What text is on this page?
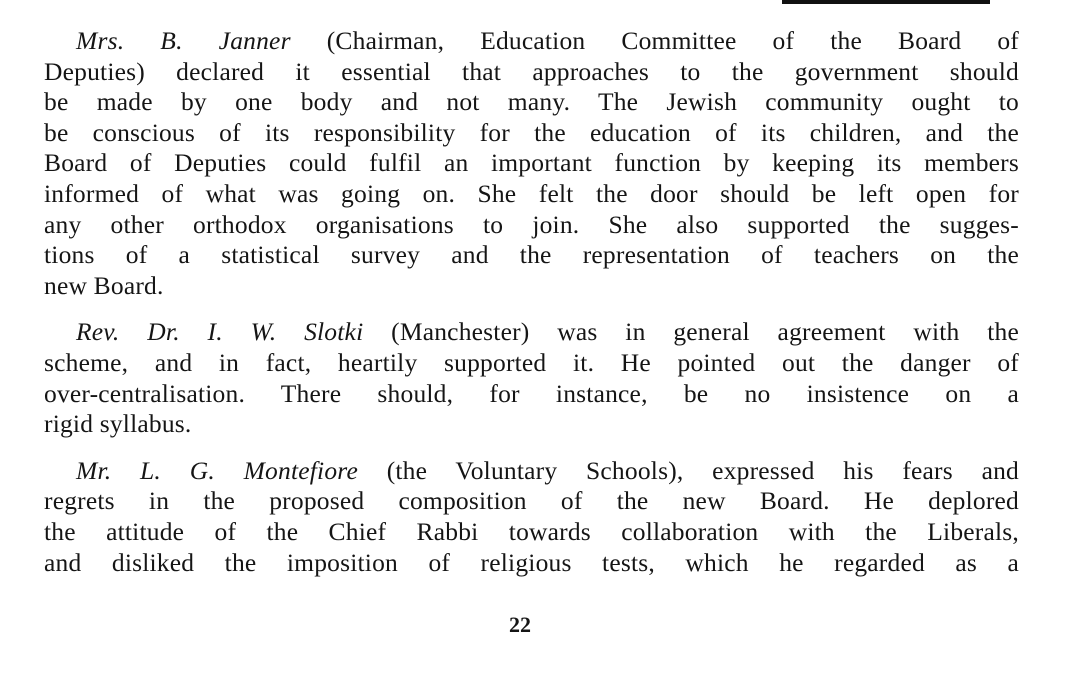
Mrs. B. Janner (Chairman, Education Committee of the Board of
Deputies) declared it essential that approaches to the government should
be made by one body and not many. The Jewish community ought to
be conscious of its responsibility for the education of its children, and the
Board of Deputies could fulfil an important function by keeping its members
informed of what was going on. She felt the door should be left open for
any other orthodox organisations to join. She also supported the sugges-
tions of a statistical survey and the representation of teachers on the
new Board.

Rev. Dr. I. W. Slotki (Manchester) was in general agreement with the
scheme, and in fact, heartily supported it. He pointed out the danger of
over-centralisation. There should, for instance, be no insistence on a
rigid syllabus.

Mr. L. G. Montefiore (the Voluntary Schools), expressed his fears and
regrets in the proposed composition of the new Board. He deplored
the attitude of the Chief Rabbi towards collaboration with the Liberals,
and disliked the imposition of religious tests, which he regarded as a

22
